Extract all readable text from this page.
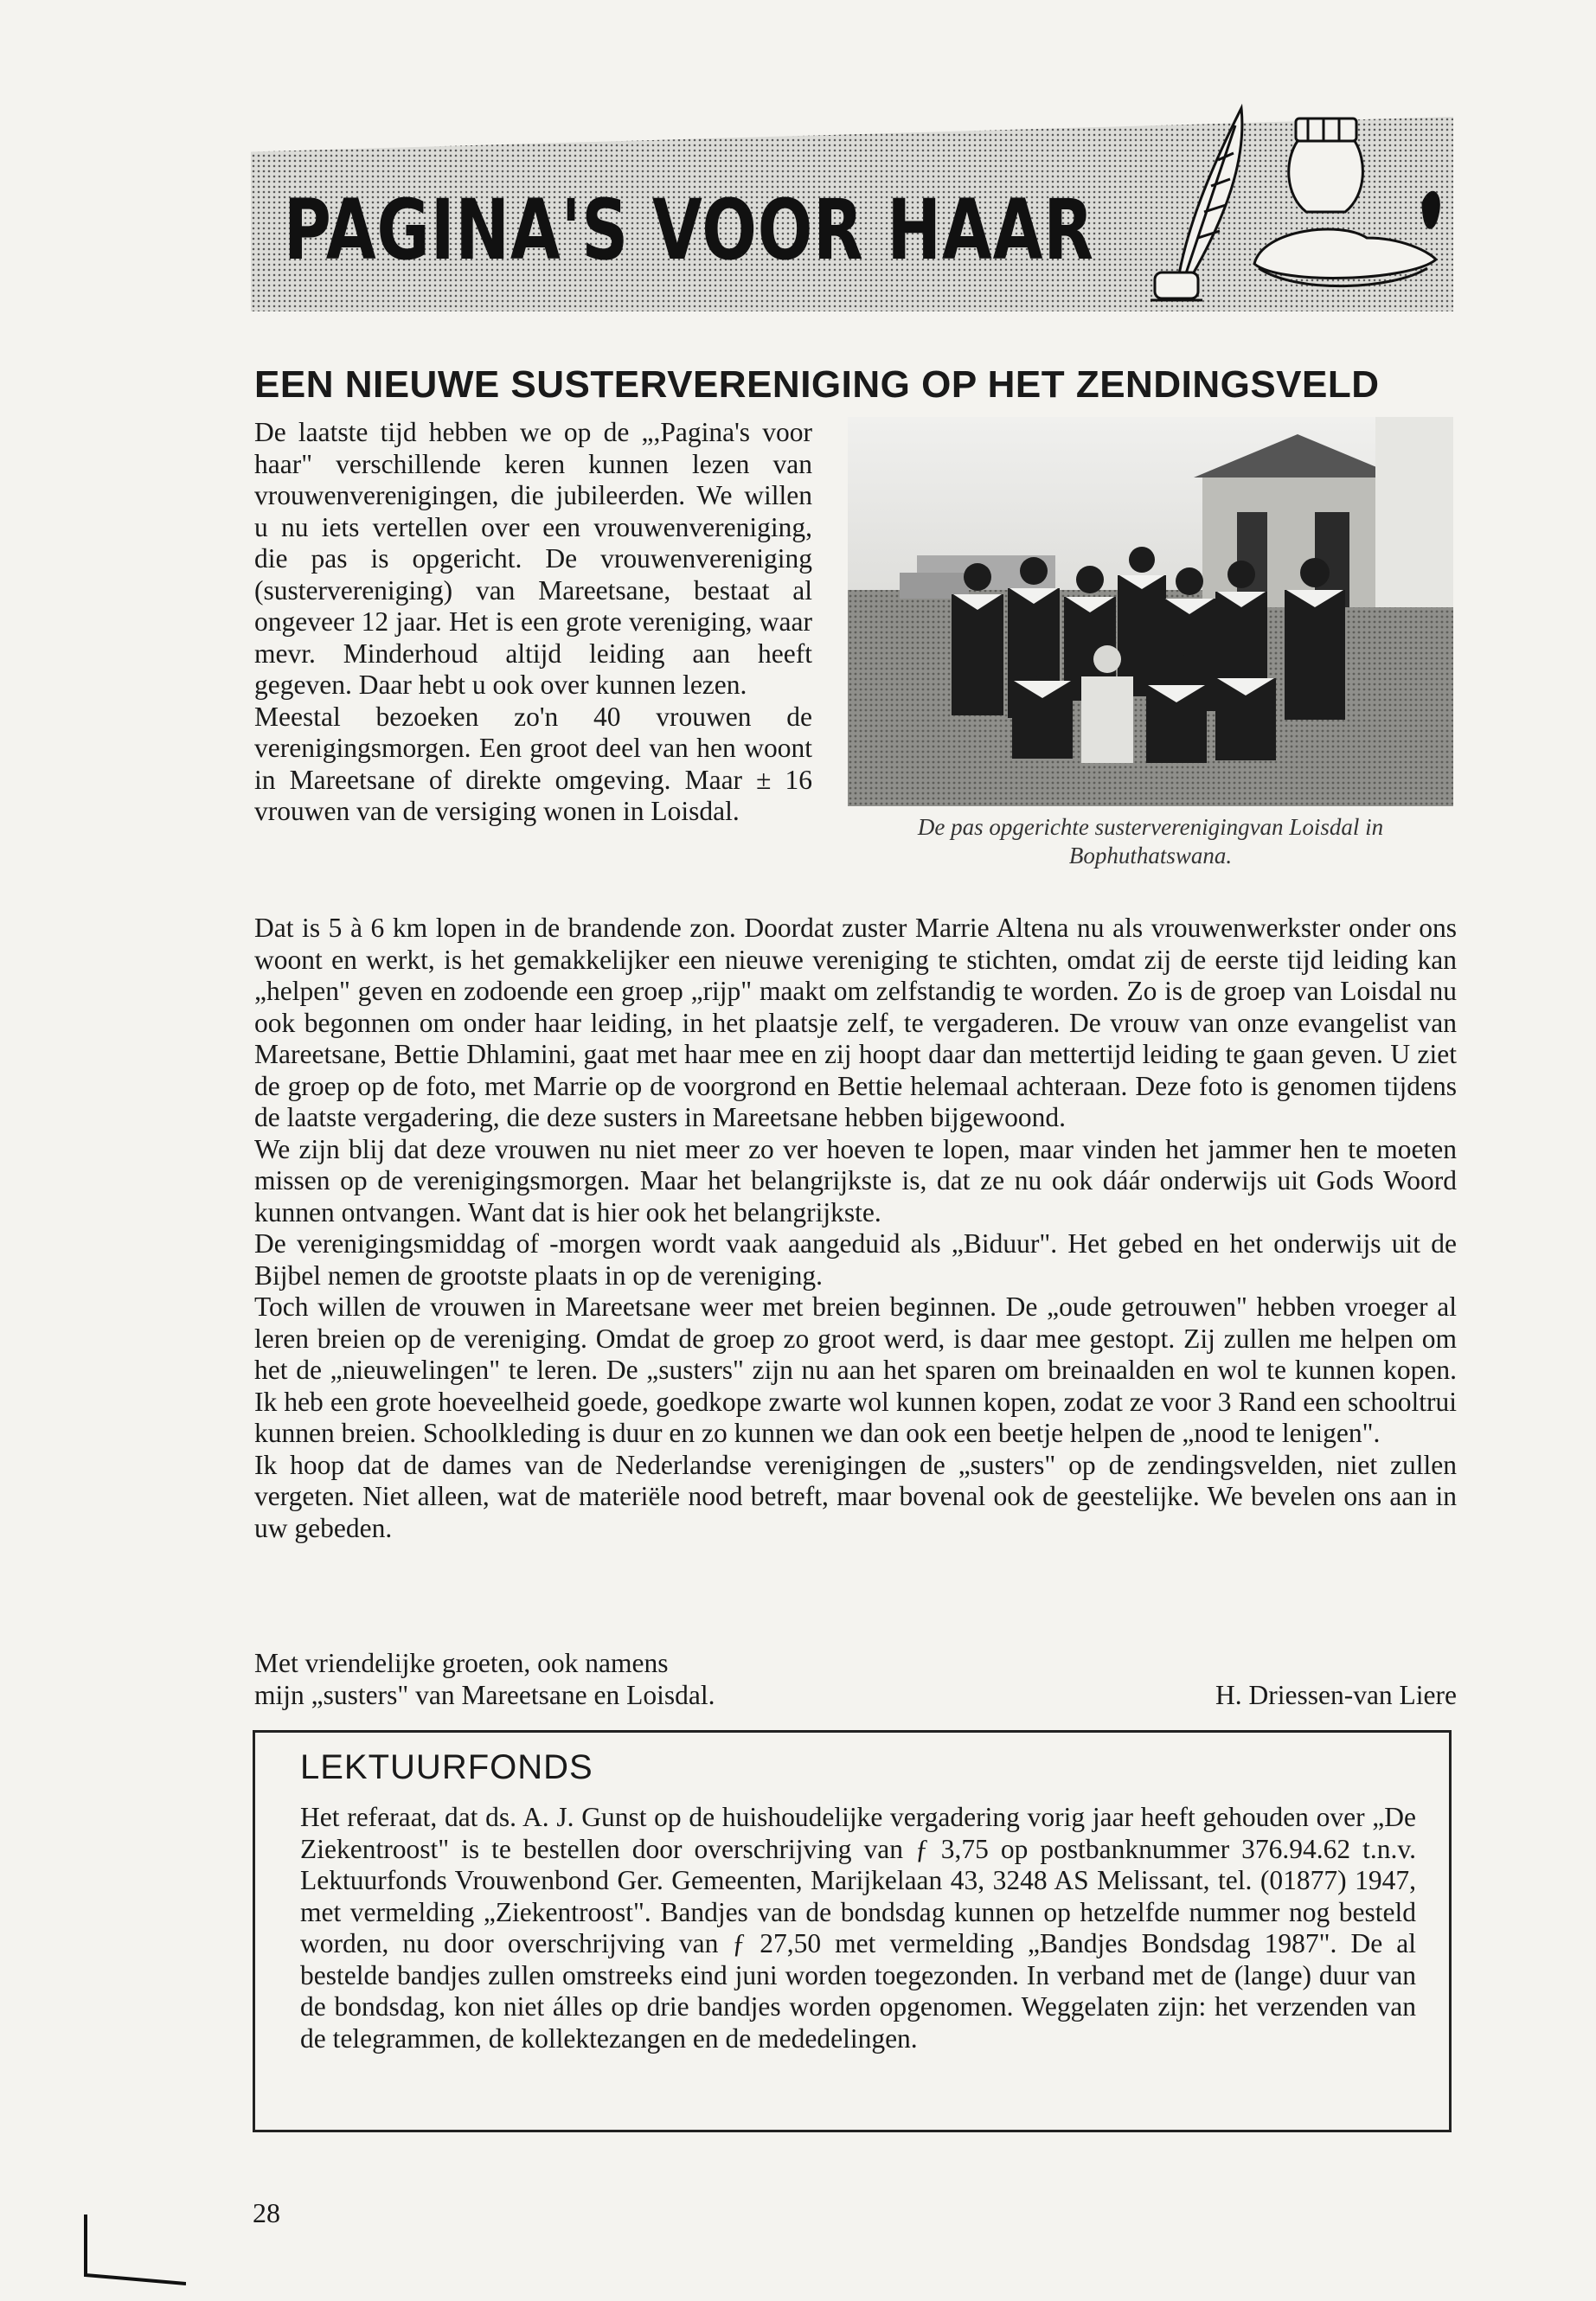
PAGINA'S VOOR HAAR
EEN NIEUWE SUSTERVERENIGING OP HET ZENDINGSVELD

De laatste tijd hebben we op de „,Pagina's voor haar" verschillende keren kunnen lezen van vrouwenverenigingen, die jubileerden. We willen u nu iets vertellen over een vrouwenvereniging, die pas is opgericht. De vrouwenvereniging (sustervereniging) van Mareetsane, bestaat al ongeveer 12 jaar. Het is een grote vereniging, waar mevr. Minderhoud altijd leiding aan heeft gegeven. Daar hebt u ook over kunnen lezen.

Meestal bezoeken zo'n 40 vrouwen de verenigingsmorgen. Een groot deel van hen woont in Mareetsane of direkte omgeving. Maar ± 16 vrouwen van de versiging wonen in Loisdal.

De pas opgerichte susterverenigingvan Loisdal in Bophuthatswana.

Dat is 5 à 6 km lopen in de brandende zon. Doordat zuster Marrie Altena nu als vrouwenwerkster onder ons woont en werkt, is het gemakkelijker een nieuwe vereniging te stichten, omdat zij de eerste tijd leiding kan „helpen" geven en zodoende een groep „rijp" maakt om zelfstandig te worden. Zo is de groep van Loisdal nu ook begonnen om onder haar leiding, in het plaatsje zelf, te vergaderen. De vrouw van onze evangelist van Mareetsane, Bettie Dhlamini, gaat met haar mee en zij hoopt daar dan mettertijd leiding te gaan geven. U ziet de groep op de foto, met Marrie op de voorgrond en Bettie helemaal achteraan. Deze foto is genomen tijdens de laatste vergadering, die deze susters in Mareetsane hebben bijgewoond.

We zijn blij dat deze vrouwen nu niet meer zo ver hoeven te lopen, maar vinden het jammer hen te moeten missen op de verenigingsmorgen. Maar het belangrijkste is, dat ze nu ook dáár onderwijs uit Gods Woord kunnen ontvangen. Want dat is hier ook het belangrijkste.

De verenigingsmiddag of -morgen wordt vaak aangeduid als „Biduur". Het gebed en het onderwijs uit de Bijbel nemen de grootste plaats in op de vereniging.

Toch willen de vrouwen in Mareetsane weer met breien beginnen. De „oude getrouwen" hebben vroeger al leren breien op de vereniging. Omdat de groep zo groot werd, is daar mee gestopt. Zij zullen me helpen om het de „nieuwelingen" te leren. De „susters" zijn nu aan het sparen om breinaalden en wol te kunnen kopen. Ik heb een grote hoeveelheid goede, goedkope zwarte wol kunnen kopen, zodat ze voor 3 Rand een schooltrui kunnen breien. Schoolkleding is duur en zo kunnen we dan ook een beetje helpen de „nood te lenigen".

Ik hoop dat de dames van de Nederlandse verenigingen de „susters" op de zendingsvelden, niet zullen vergeten. Niet alleen, wat de materiële nood betreft, maar bovenal ook de geestelijke. We bevelen ons aan in uw gebeden.

Met vriendelijke groeten, ook namens

mijn „susters" van Mareetsane en Loisdal.	H. Driessen-van Liere
LEKTUURFONDS

Het referaat, dat ds. A. J. Gunst op de huishoudelijke vergadering vorig jaar heeft gehouden over „De Ziekentroost" is te bestellen door overschrijving van ƒ 3,75 op postbanknummer 376.94.62 t.n.v. Lektuurfonds Vrouwenbond Ger. Gemeenten, Marijkelaan 43, 3248 AS Melissant, tel. (01877) 1947, met vermelding „Ziekentroost". Bandjes van de bondsdag kunnen op hetzelfde nummer nog besteld worden, nu door overschrijving van ƒ 27,50 met vermelding „Bandjes Bondsdag 1987". De al bestelde bandjes zullen omstreeks eind juni worden toegezonden. In verband met de (lange) duur van de bondsdag, kon niet álles op drie bandjes worden opgenomen. Weggelaten zijn: het verzenden van de telegrammen, de kollektezangen en de mededelingen.

28
